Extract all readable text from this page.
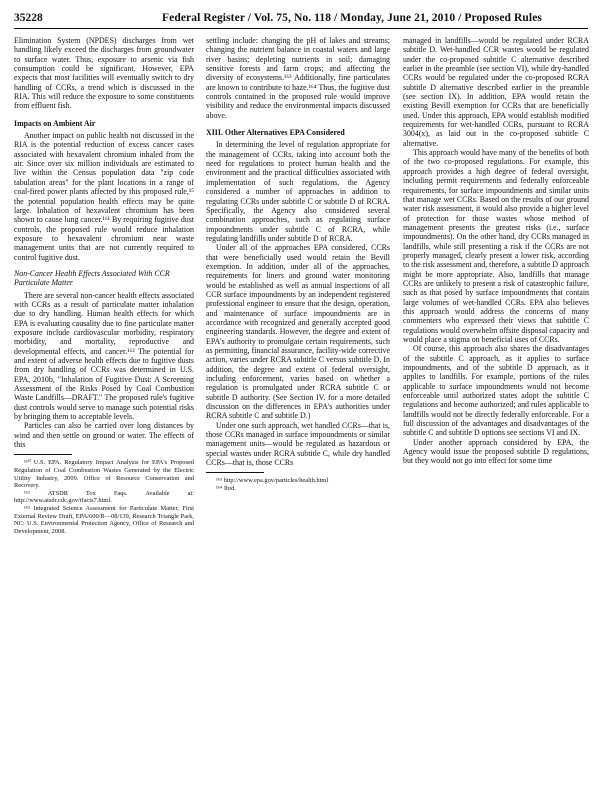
35228	Federal Register / Vol. 75, No. 118 / Monday, June 21, 2010 / Proposed Rules

Elimination System (NPDES) discharges from wet handling likely exceed the discharges from groundwater to surface water. Thus, exposure to arsenic via fish consumption could be significant. However, EPA expects that most facilities will eventually switch to dry handling of CCRs, a trend which is discussed in the RIA. This will reduce the exposure to some constituents from effluent fish.

Impacts on Ambient Air

Another impact on public health not discussed in the RIA is the potential reduction of excess cancer cases associated with hexavalent chromium inhaled from the air. Since over six million individuals are estimated to live within the Census population data "zip code tabulation areas" for the plant locations in a range of coal-fired power plants affected by this proposed rule,¹⁵ the potential population health effects may be quite large. Inhalation of hexavalent chromium has been shown to cause lung cancer.¹⁶¹ By requiring fugitive dust controls, the proposed rule would reduce inhalation exposure to hexavalent chromium near waste management units that are not currently required to control fugitive dust.

Non-Cancer Health Effects Associated With CCR Particulate Matter

There are several non-cancer health effects associated with CCRs as a result of particulate matter inhalation due to dry handling. Human health effects for which EPA is evaluating causality due to fine particulate matter exposure include cardiovascular morbidity, respiratory morbidity, and mortality, reproductive and developmental effects, and cancer.¹⁶² The potential for and extent of adverse health effects due to fugitive dusts from dry handling of CCRs was determined in U.S. EPA, 2010b, "Inhalation of Fugitive Dust: A Screening Assessment of the Risks Posed by Coal Combustion Waste Landfills—DRAFT." The proposed rule's fugitive dust controls would serve to manage such potential risks by bringing them to acceptable levels.

Particles can also be carried over long distances by wind and then settle on ground or water. The effects of this

¹⁶⁰ U.S. EPA. Regulatory Impact Analysis for EPA's Proposed Regulation of Coal Combustion Wastes Generated by the Electric Utility Industry, 2009. Office of Resource Conservation and Recovery.

¹⁶¹ ATSDR Tox Faqs. Available at: http://www.atsdr.cdc.gov/tfacts7.html.

¹⁶² Integrated Science Assessment for Particulate Matter, First External Review Draft, EPA/600/R—08/139, Research Triangle Park, NC: U.S. Environmental Protection Agency, Office of Research and Development, 2008.

settling include: changing the pH of lakes and streams; changing the nutrient balance in coastal waters and large river basins; depleting nutrients in soil; damaging sensitive forests and farm crops; and affecting the diversity of ecosystems.¹⁶³ Additionally, fine particulates are known to contribute to haze.¹⁶⁴ Thus, the fugitive dust controls contained in the proposed rule would improve visibility and reduce the environmental impacts discussed above.

XIII. Other Alternatives EPA Considered

In determining the level of regulation appropriate for the management of CCRs, taking into account both the need for regulations to protect human health and the environment and the practical difficulties associated with implementation of such regulations, the Agency considered a number of approaches in addition to regulating CCRs under subtitle C or subtitle D of RCRA. Specifically, the Agency also considered several combination approaches, such as regulating surface impoundments under subtitle C of RCRA, while regulating landfills under subtitle D of RCRA.

Under all of the approaches EPA considered, CCRs that were beneficially used would retain the Bevill exemption. In addition, under all of the approaches, requirements for liners and ground water monitoring would be established as well as annual inspections of all CCR surface impoundments by an independent registered professional engineer to ensure that the design, operation, and maintenance of surface impoundments are in accordance with recognized and generally accepted good engineering standards. However, the degree and extent of EPA's authority to promulgate certain requirements, such as permitting, financial assurance, facility-wide corrective action, varies under RCRA subtitle C versus subtitle D. In addition, the degree and extent of federal oversight, including enforcement, varies based on whether a regulation is promulgated under RCRA subtitle C or subtitle D authority. (See Section IV. for a more detailed discussion on the differences in EPA's authorities under RCRA subtitle C and subtitle D.)

Under one such approach, wet handled CCRs—that is, those CCRs managed in surface impoundments or similar management units—would be regulated as hazardous or special wastes under RCRA subtitle C, while dry handled CCRs—that is, those CCRs

¹⁶³ http://www.epa.gov/particles/health.html

¹⁶⁴ Ibid.

managed in landfills—would be regulated under RCRA subtitle D. Wet-handled CCR wastes would be regulated under the co-proposed subtitle C alternative described earlier in the preamble (see section VI), while dry-handled CCRs would be regulated under the co-proposed RCRA subtitle D alternative described earlier in the preamble (see section IX). In addition, EPA would retain the existing Bevill exemption for CCRs that are beneficially used. Under this approach, EPA would establish modified requirements for wet-handled CCRs, pursuant to RCRA 3004(x), as laid out in the co-proposed subtitle C alternative.

This approach would have many of the benefits of both of the two co-proposed regulations. For example, this approach provides a high degree of federal oversight, including permit requirements and federally enforceable requirements, for surface impoundments and similar units that manage wet CCRs. Based on the results of our ground water risk assessment, it would also provide a higher level of protection for those wastes whose method of management presents the greatest risks (i.e., surface impoundments). On the other hand, dry CCRs managed in landfills, while still presenting a risk if the CCRs are not properly managed, clearly present a lower risk, according to the risk assessment and, therefore, a subtitle D approach might be more appropriate. Also, landfills that manage CCRs are unlikely to present a risk of catastrophic failure, such as that posed by surface impoundments that contain large volumes of wet-handled CCRs. EPA also believes this approach would address the concerns of many commenters who expressed their views that subtitle C regulations would overwhelm offsite disposal capacity and would place a stigma on beneficial uses of CCRs.

Of course, this approach also shares the disadvantages of the subtitle C approach, as it applies to surface impoundments, and of the subtitle D approach, as it applies to landfills. For example, portions of the rules applicable to surface impoundments would not become enforceable until authorized states adopt the subtitle C regulations and become authorized; and rules applicable to landfills would not be directly federally enforceable. For a full discussion of the advantages and disadvantages of the subtitle C and subtitle D options see sections VI and IX.

Under another approach considered by EPA, the Agency would issue the proposed subtitle D regulations, but they would not go into effect for some time
